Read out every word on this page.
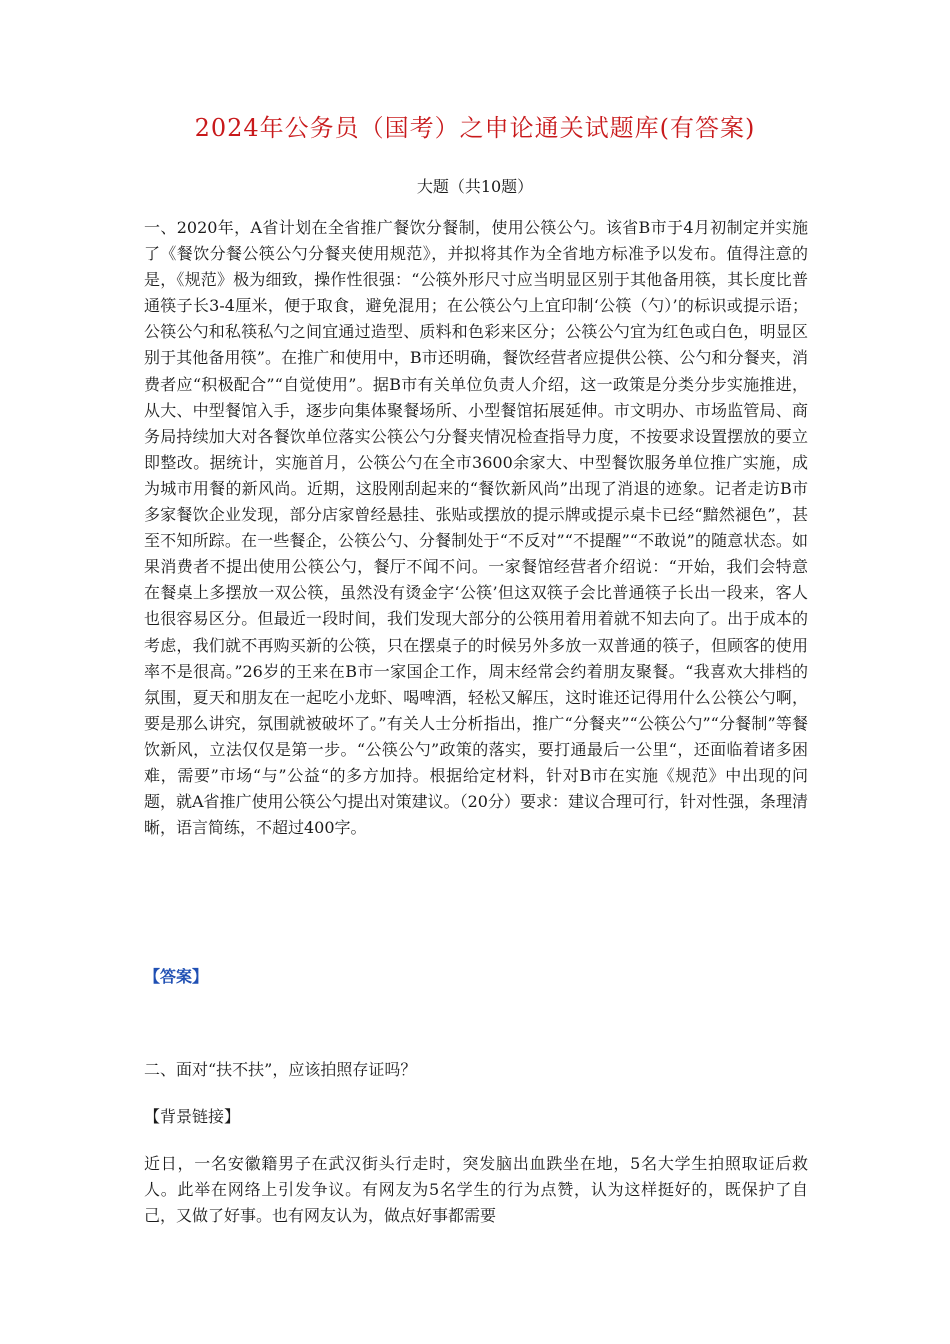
2024年公务员（国考）之申论通关试题库(有答案)
大题（共10题）
一、2020年，A省计划在全省推广餐饮分餐制，使用公筷公勺。该省B市于4月初制定并实施了《餐饮分餐公筷公勺分餐夹使用规范》，并拟将其作为全省地方标准予以发布。值得注意的是，《规范》极为细致，操作性很强：“公筷外形尺寸应当明显区别于其他备用筷，其长度比普通筷子长3-4厘米，便于取食，避免混用；在公筷公勺上宜印制‘公筷（勺）’的标识或提示语；公筷公勺和私筷私勺之间宜通过造型、质料和色彩来区分；公筷公勺宜为红色或白色，明显区别于其他备用筷”。在推广和使用中，B市还明确，餐饮经营者应提供公筷、公勺和分餐夹，消费者应“积极配合”“自觉使用”。据B市有关单位负责人介绍，这一政策是分类分步实施推进，从大、中型餐馆入手，逐步向集体聚餐场所、小型餐馆拓展延伸。市文明办、市场监管局、商务局持续加大对各餐饮单位落实公筷公勺分餐夹情况检查指导力度，不按要求设置摆放的要立即整改。据统计，实施首月，公筷公勺在全市3600余家大、中型餐饮服务单位推广实施，成为城市用餐的新风尚。近期，这股刚刮起来的“餐饮新风尚”出现了消退的迹象。记者走访B市多家餐饮企业发现，部分店家曾经悬挂、张贴或摆放的提示牌或提示桌卡已经“黯然褪色”，甚至不知所踪。在一些餐企，公筷公勺、分餐制处于“不反对”“不提醒”“不敢说”的随意状态。如果消费者不提出使用公筷公勺，餐厅不闻不问。一家餐馆经营者介绍说：“开始，我们会特意在餐桌上多摆放一双公筷，虽然没有烫金字‘公筷’但这双筷子会比普通筷子长出一段来，客人也很容易区分。但最近一段时间，我们发现大部分的公筷用着用着就不知去向了。出于成本的考虑，我们就不再购买新的公筷，只在摆桌子的时候另外多放一双普通的筷子，但顾客的使用率不是很高。”26岁的王来在B市一家国企工作，周末经常会约着朋友聚餐。“我喜欢大排档的氛围，夏天和朋友在一起吃小龙虾、喝啤酒，轻松又解压，这时谁还记得用什么公筷公勺啊，要是那么讲究，氛围就被破坏了。”有关人士分析指出，推广“分餐夹”“公筷公勺”“分餐制”等餐饮新风，立法仅仅是第一步。“公筷公勺”政策的落实，要打通最后一公里“，还面临着诸多困难，需要”市场“与”公益“的多方加持。根据给定材料，针对B市在实施《规范》中出现的问题，就A省推广使用公筷公勺提出对策建议。（20分）要求：建议合理可行，针对性强，条理清晰，语言简练，不超过400字。
【答案】
二、面对“扶不扶”，应该拍照存证吗？
【背景链接】
近日，一名安徽籍男子在武汉街头行走时，突发脑出血跌坐在地，5名大学生拍照取证后救人。此举在网络上引发争议。有网友为5名学生的行为点赞，认为这样挺好的，既保护了自己，又做了好事。也有网友认为，做点好事都需要
